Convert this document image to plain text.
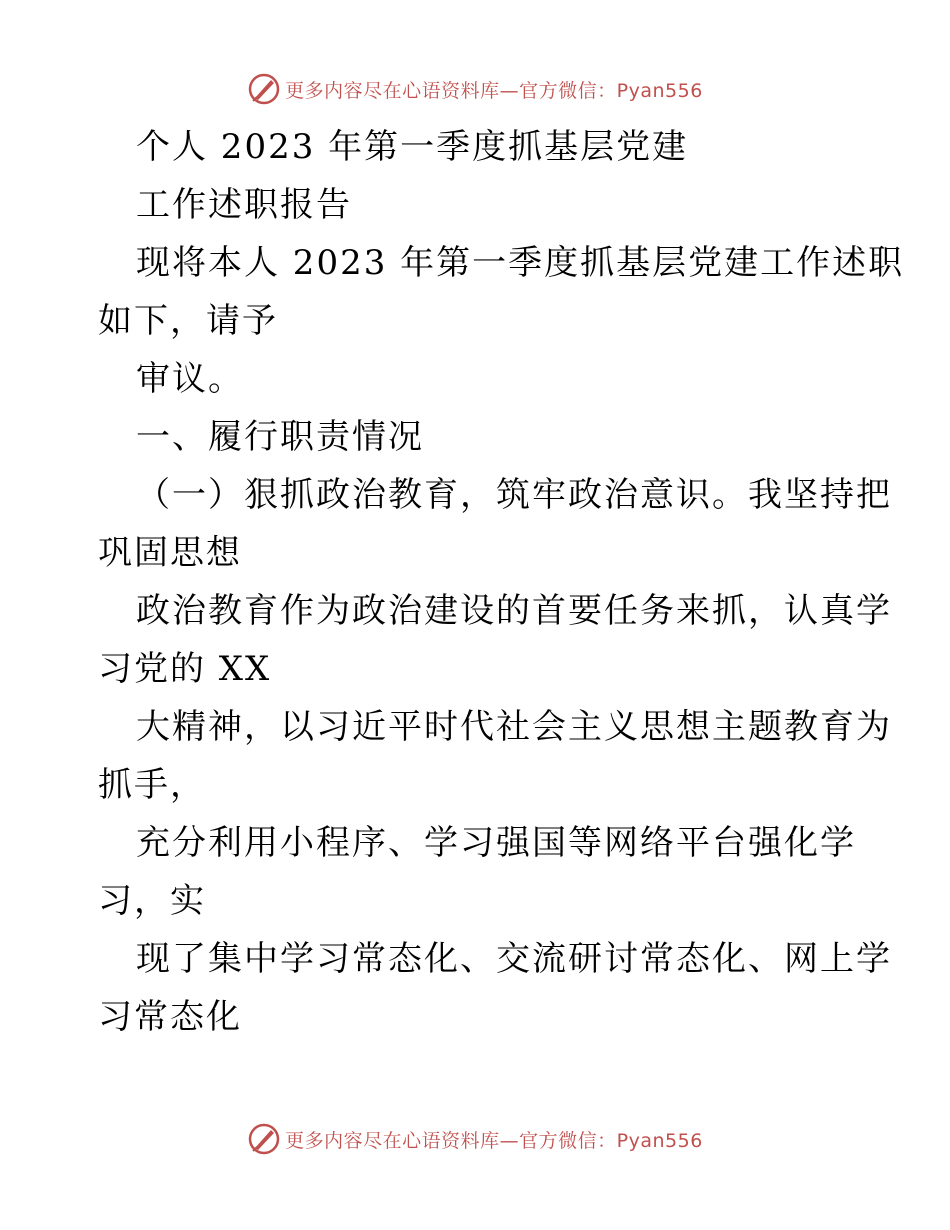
更多内容尽在心语资料库—官方微信：Pyan556
个人 2023 年第一季度抓基层党建
工作述职报告
现将本人 2023 年第一季度抓基层党建工作述职
如下，请予
审议。
一、履行职责情况
（一）狠抓政治教育，筑牢政治意识。我坚持把
巩固思想
政治教育作为政治建设的首要任务来抓，认真学
习党的 XX
大精神，以习近平时代社会主义思想主题教育为
抓手，
充分利用小程序、学习强国等网络平台强化学
习，实
现了集中学习常态化、交流研讨常态化、网上学
习常态化
更多内容尽在心语资料库—官方微信：Pyan556
